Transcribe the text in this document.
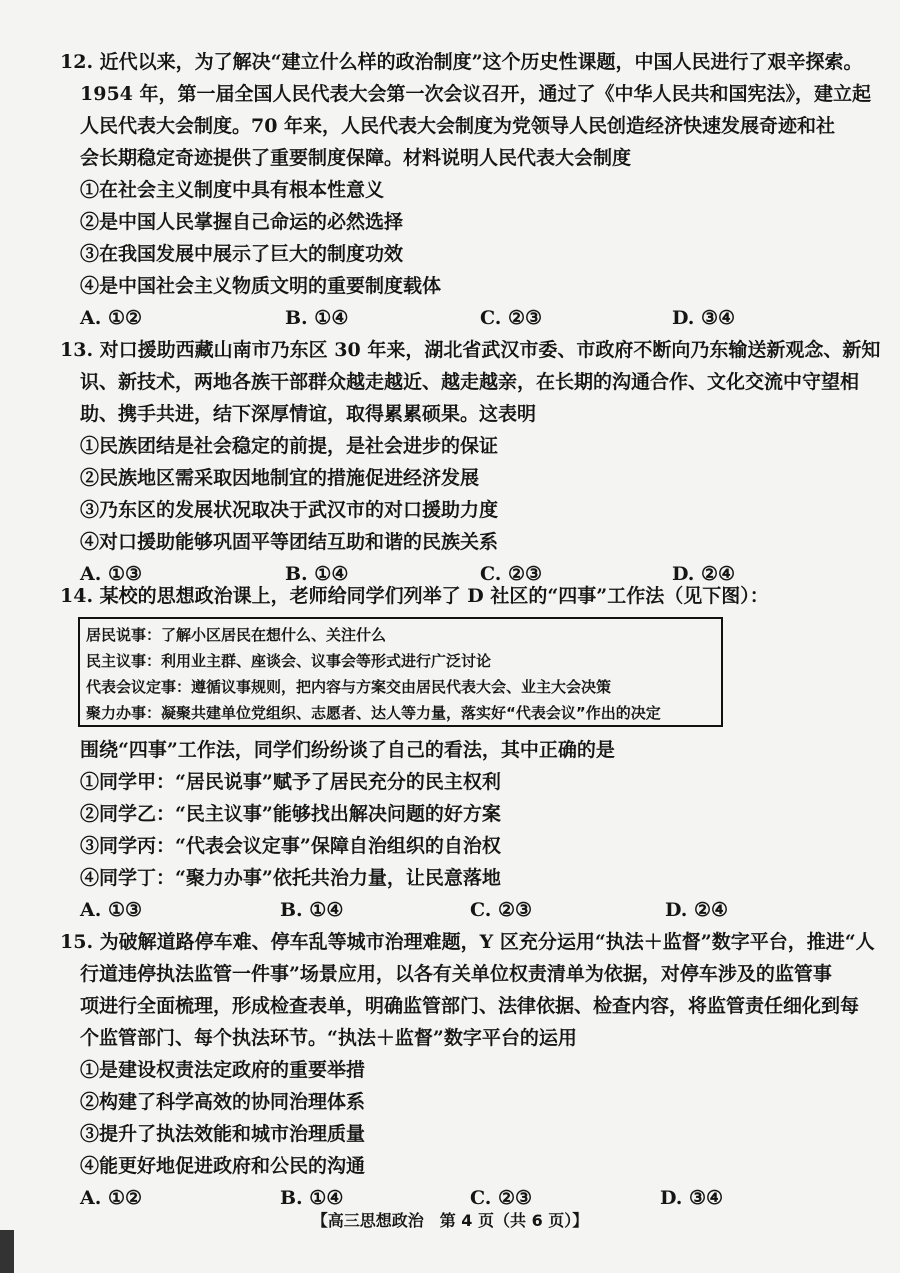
12. 近代以来，为了解决“建立什么样的政治制度”这个历史性课题，中国人民进行了艰辛探索。
1954 年，第一届全国人民代表大会第一次会议召开，通过了《中华人民共和国宪法》，建立起
人民代表大会制度。70 年来，人民代表大会制度为党领导人民创造经济快速发展奇迹和社
会长期稳定奇迹提供了重要制度保障。材料说明人民代表大会制度
①在社会主义制度中具有根本性意义
②是中国人民掌握自己命运的必然选择
③在我国发展中展示了巨大的制度功效
④是中国社会主义物质文明的重要制度载体
A. ①②	B. ①④	C. ②③	D. ③④
13. 对口援助西藏山南市乃东区 30 年来，湖北省武汉市委、市政府不断向乃东输送新观念、新知
识、新技术，两地各族干部群众越走越近、越走越亲，在长期的沟通合作、文化交流中守望相
助、携手共进，结下深厚情谊，取得累累硕果。这表明
①民族团结是社会稳定的前提，是社会进步的保证
②民族地区需采取因地制宜的措施促进经济发展
③乃东区的发展状况取决于武汉市的对口援助力度
④对口援助能够巩固平等团结互助和谐的民族关系
A. ①③	B. ①④	C. ②③	D. ②④
14. 某校的思想政治课上，老师给同学们列举了 D 社区的“四事”工作法（见下图）：
居民说事：了解小区居民在想什么、关注什么
民主议事：利用业主群、座谈会、议事会等形式进行广泛讨论
代表会议定事：遵循议事规则，把内容与方案交由居民代表大会、业主大会决策
聚力办事：凝聚共建单位党组织、志愿者、达人等力量，落实好“代表会议”作出的决定
围绕“四事”工作法，同学们纷纷谈了自己的看法，其中正确的是
①同学甲：“居民说事”赋予了居民充分的民主权利
②同学乙：“民主议事”能够找出解决问题的好方案
③同学丙：“代表会议定事”保障自治组织的自治权
④同学丁：“聚力办事”依托共治力量，让民意落地
A. ①③	B. ①④	C. ②③	D. ②④
15. 为破解道路停车难、停车乱等城市治理难题，Y 区充分运用“执法＋监督”数字平台，推进“人
行道违停执法监管一件事”场景应用，以各有关单位权责清单为依据，对停车涉及的监管事
项进行全面梳理，形成检查表单，明确监管部门、法律依据、检查内容，将监管责任细化到每
个监管部门、每个执法环节。“执法＋监督”数字平台的运用
①是建设权责法定政府的重要举措
②构建了科学高效的协同治理体系
③提升了执法效能和城市治理质量
④能更好地促进政府和公民的沟通
A. ①②	B. ①④	C. ②③	D. ③④
【高三思想政治　第 4 页（共 6 页）】
